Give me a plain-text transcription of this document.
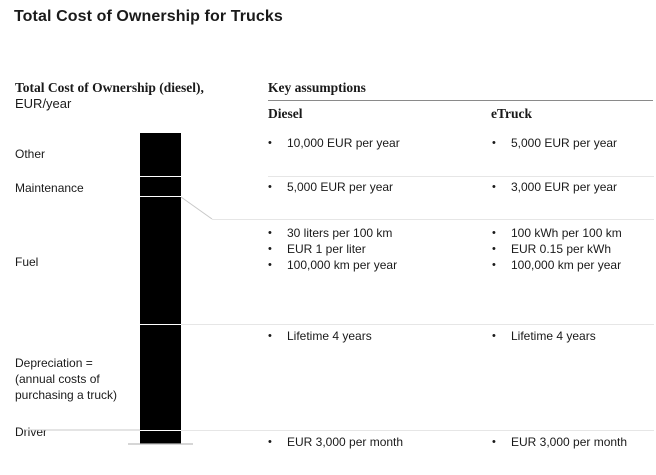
Total Cost of Ownership for Trucks
Total Cost of Ownership (diesel),
EUR/year
Key assumptions
Diesel	eTruck
Other
Maintenance
Fuel
Depreciation =
(annual costs of
purchasing a truck)
Driver
• 10,000 EUR per year
• 5,000 EUR per year
• 30 liters per 100 km
• EUR 1 per liter
• 100,000 km per year
• Lifetime 4 years
• EUR 3,000 per month
• 5,000 EUR per year
• 3,000 EUR per year
• 100 kWh per 100 km
• EUR 0.15 per kWh
• 100,000 km per year
• Lifetime 4 years
• EUR 3,000 per month
